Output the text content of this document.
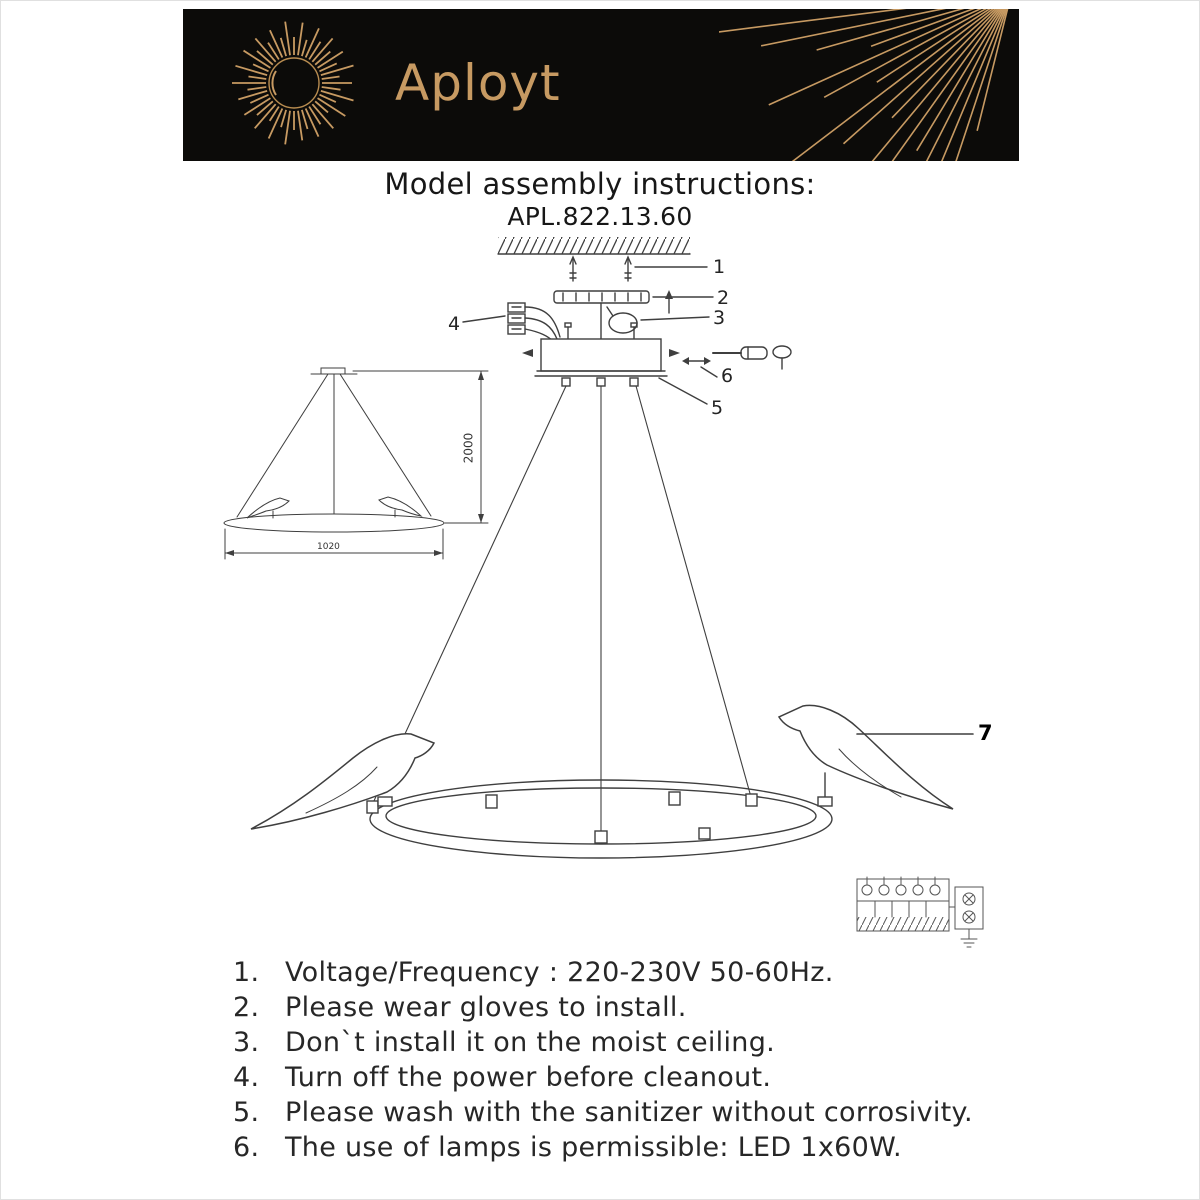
Aployt
Model assembly instructions:
APL.822.13.60
1
2
3
4
5
6
7
2000
1020
1. Voltage/Frequency : 220-230V 50-60Hz.
2. Please wear gloves to install.
3. Don`t install it on the moist ceiling.
4. Turn off the power before cleanout.
5. Please wash with the sanitizer without corrosivity.
6. The use of lamps is permissible: LED 1x60W.
